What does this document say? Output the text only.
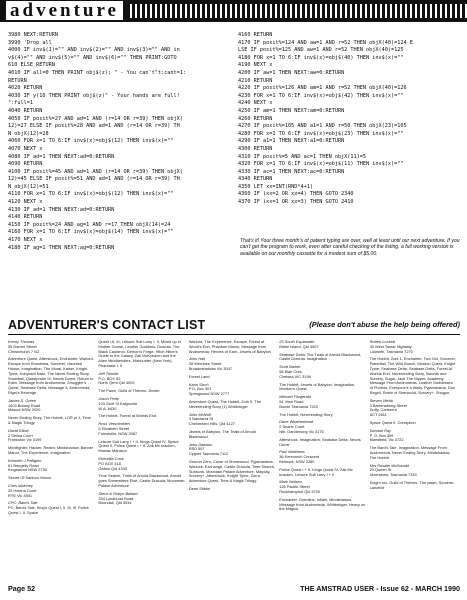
adventure
3980 NEXT:RETURN
3990 'Drop all
4000 IF inv$(1)="" AND inv$(2)="" AND inv$(3)="" AND in
v$(4)="" AND inv$(5)="" AND inv$(6)="" THEN PRINT:GOTO
610 ELSE RETURN
4010 IF all=0 THEN PRINT obj$(z); " - You can't"t:cant=1:
RETURN
4020 RETURN
4030 IF y(10 THEN PRINT obj$(z)" - Your hands are full!
":full=1
4040 RETURN
4050 IF posit%=27 AND ad=1 AND (r=14 OR r=39) THEN objX(
12)=27 ELSE IF posit%=28 AND ad=1 AND (r=14 OR r=39) TH
N objX(12)=28
4060 FOR x=1 TO 6:IF inv$(x)=obj$(12) THEN inv$(x)=""
4070 NEXT x
4080 IF ad=1 THEN NEXT:ad=0:RETURN
4090 RETURN
4100 IF posit%=45 AND ad=1 AND (r=14 OR r=39) THEN objX(
12)=45 ELSE IF posit%=51 AND ad=1 AND (r=14 OR r=39) TH
N objX(12)=51
4110 FOR x=1 TO 6:IF inv$(x)=obj$(12) THEN inv$(x)=""
4120 NEXT x
4130 IF ad=1 THEN NEXT:ad=0:RETURN
4140 RETURN
4150 IF posit%=24 AND ag=1 AND r=17 THEN objX(14)=24
4160 FOR x=1 TO 6:IF inv$(x)=obj$(14) THEN inv$(x)=""
4170 NEXT x
4180 IF ag=1 THEN NEXT:ag=0:RETURN
4160 RETURN
4170 IF posit%=124 AND aw=1 AND r=52 THEN objX(40)=124 E
LSE IF posit%=125 AND aw=1 AND r=52 THEN objX(40)=125
4180 FOR x=1 TO 6:IF inv$(x)=obj$(40) THEN inv$(x)=""
4190 NEXT x
4200 IF aw=1 THEN NEXT:aw=0:RETURN
4210 RETURN
4220 IF posit%=126 AND am=1 AND r=52 THEN objX(40)=126
4230 FOR x=1 TO 6:IF inv$(x)=obj$(42) THEN inv$(x)=""
4240 NEXT x
4250 IF am=1 THEN NEXT:am=0:RETURN
4260 RETURN
4270 IF posit%=105 AND a1=1 AND r=50 THEN objX(23)=105
4280 FOR x=1 TO 6:IF inv$(x)=obj$(23) THEN inv$(x)=""
4290 IF a1=1 THEN NEXT:a1=0:RETURN
4300 RETURN
4310 IF posit%=5 AND ac=1 THEN objX(11)=5
4320 FOR x=1 TO 6:IF inv$(x)=obj$(11) THEN inv$(x)=""
4330 IF ac=1 THEN NEXT:ac=0:RETURN
4340 RETURN
4350 LET xx=INT(RND*4+1)
4360 IF (xx=2 OR xx=4) THEN GOTO 2340
4370 IF (xx=1 OR xx=3) THEN GOTO 2410
That's it! Your three month's of patient typing are over, well at least until our next adventure. If you can't get the program to work, even after careful checking of the listing, a full working version is available on our monthly cassette for a modest sum of $5.00.
ADVENTURER'S CONTACT LIST	(Please don't abuse the help being offered)
Kenny Thomas
55 Darren Street
Christchurch 7 NZ
Adventure Quest, Aftershock, Enchanter, Warlord, Escape from Khoshima, Sorcerer, Haunted House, Imagination, The Mural, Kaiser, Knight Tyme, Kobyashi Naru, The Never Ending Story, Snowball, Questprobe III, Necris Dome, Return to Eden, Message from Andromeda, Smuggler's Quest, Seabase Delta, Message 3, Andromeda, Rigel's Revenge
James S. Green
1003 Botany Road
Mascot NSW 2020
Never Ending Story, The Hobbit, LOR pt 1, Time & Magik Trilogy
David Elliott
2 Selina Court
Frankston Vic 3199
Mindfighter, Hacker, Realm, Mindshadow, Banner Manor, The Experience, Imagination
Kenneth J Pelligrini
61 Bringelly Road
Kingswood NSW 2750
Secret Of Santoor Manor
Chris Maloney
20 Helena Court
RYE Vic 3941
CPC: Bard's Tale
PC: Bard's Tale, King's Quest I, II, III, III, Police Quest I, II, Space
Quest I,II, III, Leisure Suit Larry I, II, Mixed up in Mother Goose, Leather Goddess, Dracula, The Black Cauldron, Demon's Forge, Hitch-Hiker's Guide to the Galaxy, Zak McKracken and the Alien Mindbenders, Manhunter (New York), Phantasie I, II
Jeff Trimble
P.O. BOX 82
North Qrmt Qld 4002
The Pawn, Guild of Thieves, Jinxter
Jason Petty
103 Sturt St Kalgoorlie
W.A. 6430
The Hobbit, Forest at Worlds End
Ross Verschelden
5 Elizabeth Street
Forestville, NSW 2087
Leisure Suit Larry I + II, Kings Quest IV, Space Quest II, Police Quest I + II, Zak Mc kracken, Maniac Mansion
Khendlia Cook
PO BOX 418
Gatton Qld 4343
Time Search, Trials of Arnold Blackwood, Arnold goes Somewhere Else, Castle Dracula, Moonman Palace Adventure
Steve & Robyn Ballard
334 Lyndhurst Road
Boondall, Qld 4034
Warlord, The Experience, Escape, Forest at World's End, Phantom Manor, Message from Andromeda, Heroes of Karn, Jewels of Babylon
John Hall
28 Werribee Street
Broadmeadows Vic 3047
Forest Land
Karin Sisch
P.O. Box 301
Springwood NSW 2777
Adventure Quest, The Hobbit, Zork II, The Neverending Story (1) Whitbringer
John McNeill
3 Nandarra St
Chelmsford Hills, Qld 4127
Jewels of Babylon, The Trials of Arnold Blackwood
John Dawson
RSD 557
Cygnet Tasmania 7112
Ground Zero, Curse of Shorewood, Pyjamarama, Warlock, Exchange, Castle Dracula, Time Search, Subsunk, Mountain Palace Adventure, Mayday, Sorcery+, Aftershock, Knight Tyme, Zorro, Adventure Quest, Time & Magik Trilogy.
Dean Stibbe
25 South Esplanade
Bribie Island, Qld 4507
Seabase Delta, The Trials of Arnold Blackwood, Castle Dracula, Imagination
Scott Barker
58 Blair Cres
Chelsea VIC 3196
The Hobbit, Jewels of Babylon, Imagination, Mordon's Quest
Michael Fitzgerald
54 View Road
Burnie Tasmania 7320
The Hobbit, Neverending Story
Dane Weatherhead
2 Searle Court
Nth. Dandenong Vic 3175
Aftershock, Imagination, Seabase Delta, Necris Dome
Paul Matthews
36 Kenmorch Crescent
Belmont, NSW 2280
Police Quest I + II, Kings Quest IV, Zak Mc kracken, Leisure Suit Larry I + II
Mark Neilsen
128 Pacific Street
Rockhampton Qld 4700
Enchanter, Gremlins, Infidel, Mindshadow, Message from Andromeda, Whitbringer, Heavy on the Magick.
Robert Lockett
40 West Tamar Highway
Lulworth, Tasmania 7270
The Hobbit, Zork 1, Enchanter, Two Oct, Sorcerer, Planetfall, The Wild Bunch, Mordon Quest, Knight Tyme, Seabase Delta, Seabase Delta, Forest At Worlds End, Neverending Story, Swords and Sorcery, Sugar, Jack The Nipper, Academy, Message From Andromeda, Leather Goddesses of Phobos, Everyone's a Wally, Pyjamarama, Dun Raguil, Robin of Sherwood, Sorcery+, Shogun.
Steven Webb
3 Barrenabong Street
Duffy, Canberra
ACT 2611
Space Quest II, Corruption
Damian Ray
P. O. Box 359
Mansfield, Vic 3722
The Bard's Tale, Imagination, Message From Andromeda, Never Ending Story, Mindshadow, The Hobbit
Mrs Rosalie McDonald
29 Queen St
Ulverstone, Tasmania 7315
Knight orc, Guild of Thieves, The pawn, Sorcerer, Lancelot
Page 52	THE AMSTRAD USER - Issue 62 - MARCH 1990
